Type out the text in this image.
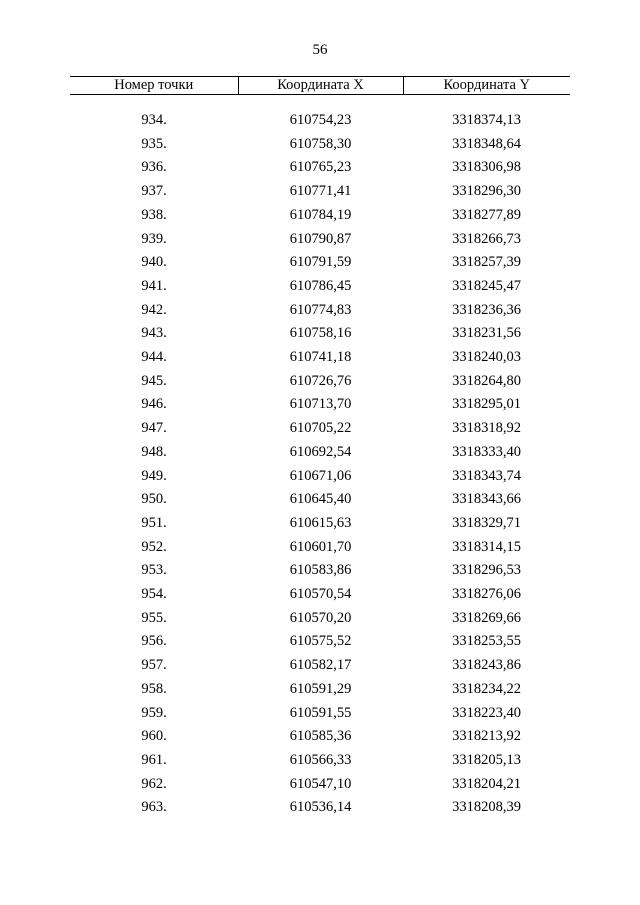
56
Номер точки	Координата X	Координата Y

934.	610754,23	3318374,13
935.	610758,30	3318348,64
936.	610765,23	3318306,98
937.	610771,41	3318296,30
938.	610784,19	3318277,89
939.	610790,87	3318266,73
940.	610791,59	3318257,39
941.	610786,45	3318245,47
942.	610774,83	3318236,36
943.	610758,16	3318231,56
944.	610741,18	3318240,03
945.	610726,76	3318264,80
946.	610713,70	3318295,01
947.	610705,22	3318318,92
948.	610692,54	3318333,40
949.	610671,06	3318343,74
950.	610645,40	3318343,66
951.	610615,63	3318329,71
952.	610601,70	3318314,15
953.	610583,86	3318296,53
954.	610570,54	3318276,06
955.	610570,20	3318269,66
956.	610575,52	3318253,55
957.	610582,17	3318243,86
958.	610591,29	3318234,22
959.	610591,55	3318223,40
960.	610585,36	3318213,92
961.	610566,33	3318205,13
962.	610547,10	3318204,21
963.	610536,14	3318208,39
